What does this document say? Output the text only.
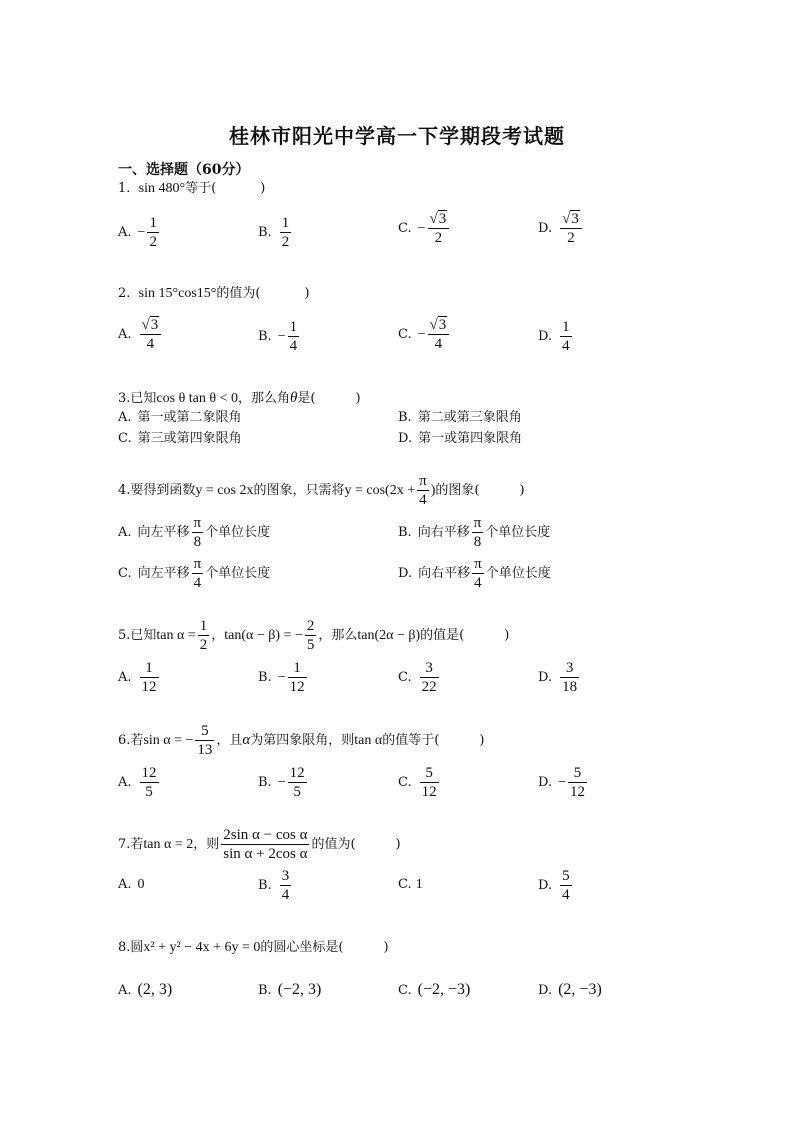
桂林市阳光中学高一下学期段考试题
一、选择题（60分）
1. sin 480°等于(	)
A. − $\frac{1}{2}$	B. $\frac{1}{2}$	C. − $\frac{√3}{2}$	D. $\frac{√3}{2}$
2. sin 15°cos15°的值为(	)
A. $\frac{√3}{4}$	B. − $\frac{1}{4}$	C. − $\frac{√3}{4}$	D. $\frac{1}{4}$
3.已知cos θ tan θ < 0，那么角θ是(	)
A. 第一或第二象限角	B. 第二或第三象限角
C. 第三或第四象限角	D. 第一或第四象限角
4.要得到函数y = cos 2x的图象，只需将$y = \cos(2x + \frac{\pi}{4}$ )的图象(	)
A. 向左平移 $\frac{\pi}{8}$ 个单位长度	B. 向右平移 $\frac{\pi}{8}$ 个单位长度
C. 向左平移 $\frac{\pi}{4}$ 个单位长度	D. 向右平移 $\frac{\pi}{4}$ 个单位长度
5.已知$\tan \alpha = \frac{1}{2}$ ，tan(α − β) = − $\frac{2}{5}$ ，那么tan(2α − β)的值是(	)
A. $\frac{1}{12}$	B. − $\frac{1}{12}$	C. $\frac{3}{22}$	D. $\frac{3}{18}$
6.若sin α = − $\frac{5}{13}$ ，且α为第四象限角，则tan α的值等于(	)
A. $\frac{12}{5}$	B. − $\frac{12}{5}$	C. $\frac{5}{12}$	D. − $\frac{5}{12}$
7.若tan α = 2，则 $\frac{\text{2sin α − cos α}}{\text{sin α + 2cos α}}$ 的值为(	)
A. 0	B. $\frac{3}{4}$	C. 1	D. $\frac{5}{4}$
8.圆x² + y² − 4x + 6y = 0的圆心坐标是(	)
A. (2, 3)	B. (−2, 3)	C. (−2, −3)	D. (2, −3)
